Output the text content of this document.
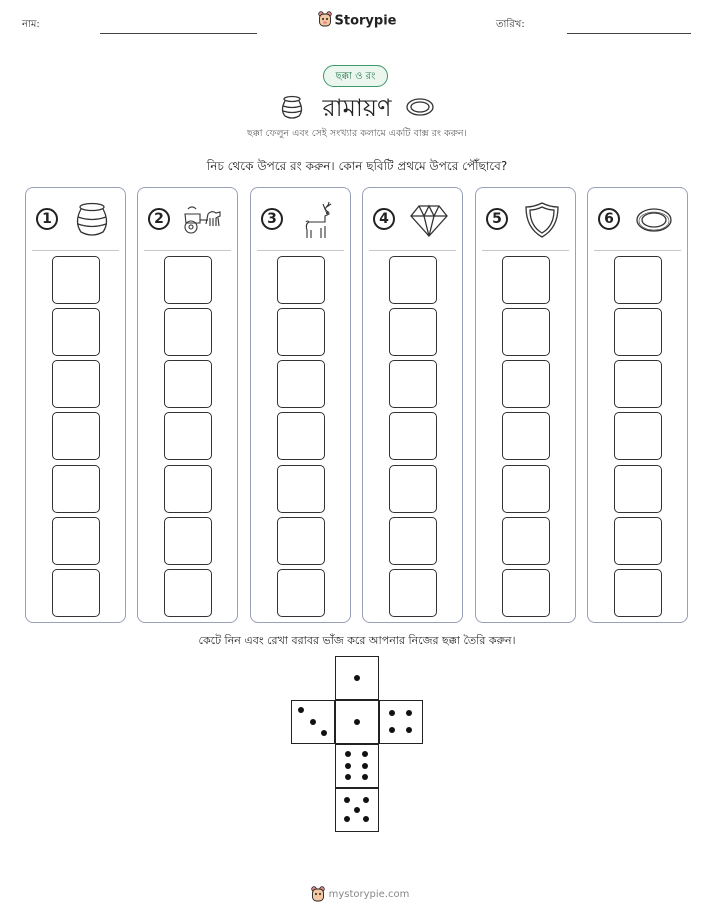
নাম:	Storypie	তারিখ:
ছক্কা ও রং
রামায়ণ
ছক্কা ফেলুন এবং সেই সংখ্যার কলামে একটি বাক্স রং করুন।
নিচ থেকে উপরে রং করুন। কোন ছবিটি প্রথমে উপরে পৌঁছাবে?
1	2	3	4	5	6
কেটে নিন এবং রেখা বরাবর ভাঁজ করে আপনার নিজের ছক্কা তৈরি করুন।
mystorypie.com
